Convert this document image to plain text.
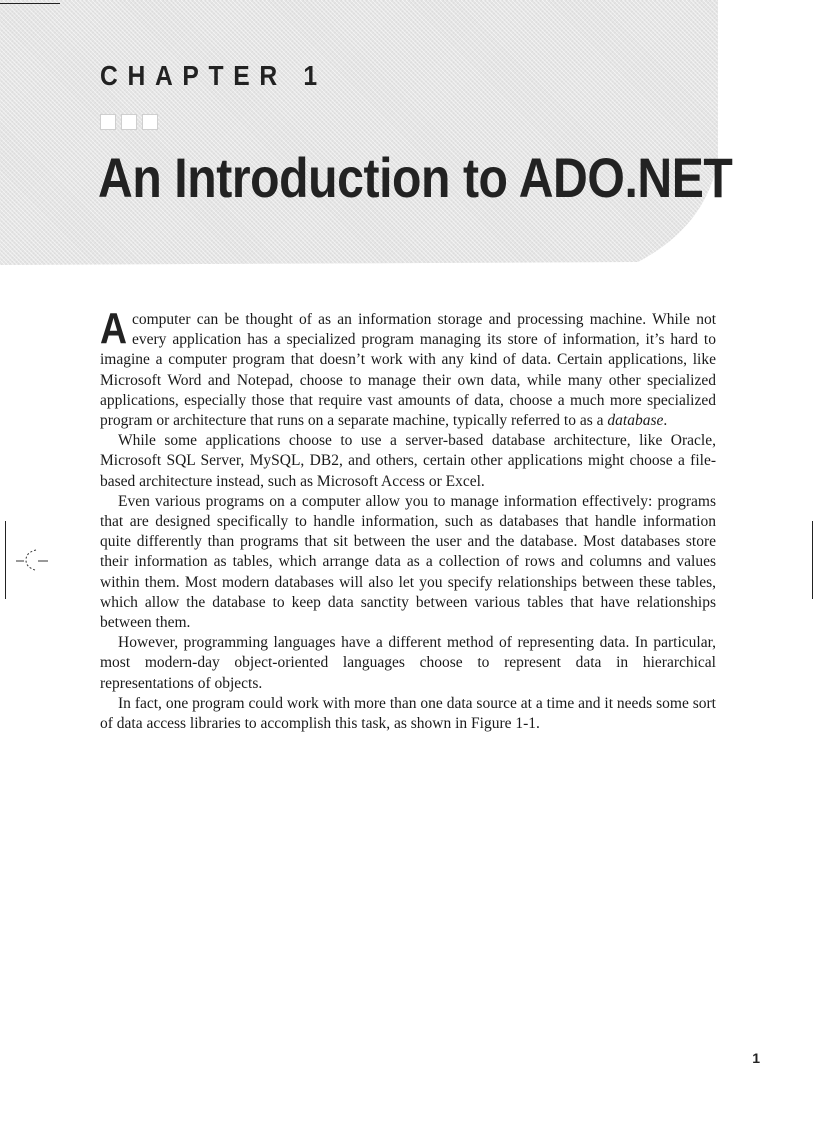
CHAPTER 1
An Introduction to ADO.NET

A computer can be thought of as an information storage and processing machine. While not every application has a specialized program managing its store of information, it’s hard to imagine a computer program that doesn’t work with any kind of data. Certain applications, like Microsoft Word and Notepad, choose to manage their own data, while many other specialized applications, especially those that require vast amounts of data, choose a much more specialized program or architecture that runs on a separate machine, typically referred to as a database.

While some applications choose to use a server-based database architecture, like Oracle, Microsoft SQL Server, MySQL, DB2, and others, certain other applications might choose a file-based architecture instead, such as Microsoft Access or Excel.

Even various programs on a computer allow you to manage information effectively: programs that are designed specifically to handle information, such as databases that handle information quite differently than programs that sit between the user and the database. Most databases store their information as tables, which arrange data as a collection of rows and columns and values within them. Most modern databases will also let you specify relationships between these tables, which allow the database to keep data sanctity between various tables that have relationships between them.

However, programming languages have a different method of representing data. In particular, most modern-day object-oriented languages choose to represent data in hierarchical representations of objects.

In fact, one program could work with more than one data source at a time and it needs some sort of data access libraries to accomplish this task, as shown in Figure 1-1.

1
